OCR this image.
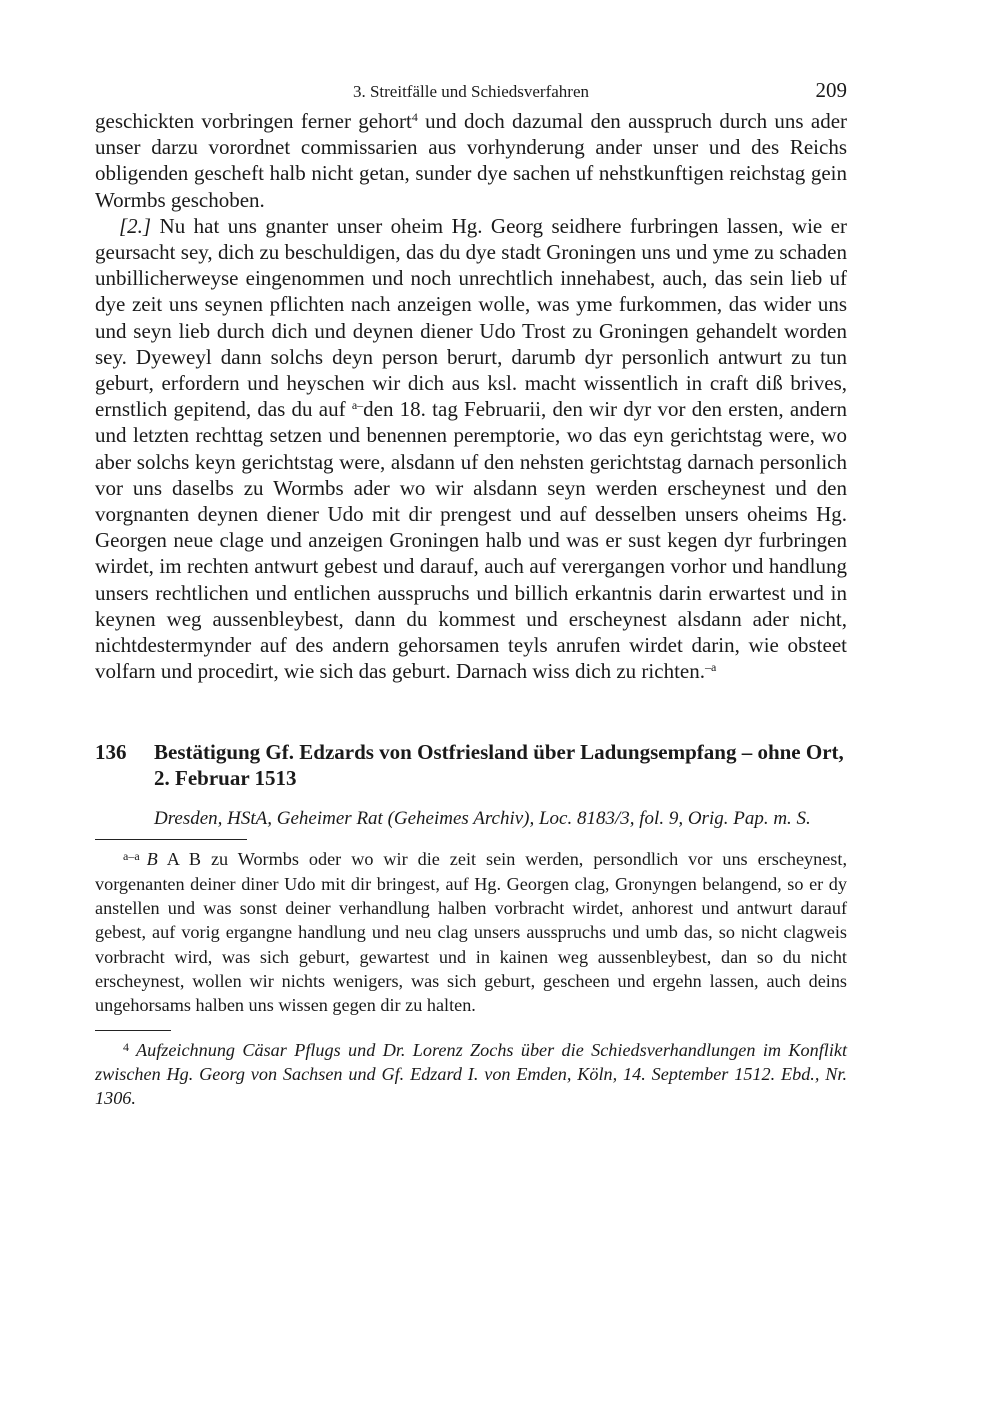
3. Streitfälle und Schiedsverfahren	209

geschickten vorbringen ferner gehort$^4$ und doch dazumal den ausspruch durch uns ader unser darzu vorordnet commissarien aus vorhynderung ander unser und des Reichs obligenden gescheft halb nicht getan, sunder dye sachen uf nehstkunftigen reichstag gein Wormbs geschoben.

[2.] Nu hat uns gnanter unser oheim Hg. Georg seidhere furbringen lassen, wie er geursacht sey, dich zu beschuldigen, das du dye stadt Groningen uns und yme zu schaden unbillicherweyse eingenommen und noch unrechtlich innehabest, auch, das sein lieb uf dye zeit uns seynen pflichten nach anzeigen wolle, was yme furkommen, das wider uns und seyn lieb durch dich und deynen diener Udo Trost zu Groningen gehandelt worden sey. Dyeweyl dann solchs deyn person berurt, darumb dyr personlich antwurt zu tun geburt, erfordern und heyschen wir dich aus ksl. macht wissentlich in craft diß brives, ernstlich gepitend, das du auf $^{a-}$den 18. tag Februarii, den wir dyr vor den ersten, andern und letzten rechttag setzen und benennen peremptorie, wo das eyn gerichtstag were, wo aber solchs keyn gerichtstag were, alsdann uf den nehsten gerichtstag darnach personlich vor uns daselbs zu Wormbs ader wo wir alsdann seyn werden erscheynest und den vorgnanten deynen diener Udo mit dir prengest und auf desselben unsers oheims Hg. Georgen neue clage und anzeigen Groningen halb und was er sust kegen dyr furbringen wirdet, im rechten antwurt gebest und darauf, auch auf verergangen vorhor und handlung unsers rechtlichen und entlichen ausspruchs und billich erkantnis darin erwartest und in keynen weg aussenbleybest, dann du kommest und erscheynest alsdann ader nicht, nichtdestermynder auf des andern gehorsamen teyls anrufen wirdet darin, wie obsteet volfarn und procedirt, wie sich das geburt. Darnach wiss dich zu richten.$^{-a}$

136	Bestätigung Gf. Edzards von Ostfriesland über Ladungsempfang – ohne Ort, 2. Februar 1513
Dresden, HStA, Geheimer Rat (Geheimes Archiv), Loc. 8183/3, fol. 9, Orig. Pap. m. S.
$^{a-a}$ B A B zu Wormbs oder wo wir die zeit sein werden, persondlich vor uns erscheynest, vorgenanten deiner diner Udo mit dir bringest, auf Hg. Georgen clag, Gronyngen belangend, so er dy anstellen und was sonst deiner verhandlung halben vorbracht wirdet, anhorest und antwurt darauf gebest, auf vorig ergangne handlung und neu clag unsers ausspruchs und umb das, so nicht clagweis vorbracht wird, was sich geburt, gewartest und in kainen weg aussenbleybest, dan so du nicht erscheynest, wollen wir nichts wenigers, was sich geburt, gescheen und ergehn lassen, auch deins ungehorsams halben uns wissen gegen dir zu halten.
$^4$ Aufzeichnung Cäsar Pflugs und Dr. Lorenz Zochs über die Schiedsverhandlungen im Konflikt zwischen Hg. Georg von Sachsen und Gf. Edzard I. von Emden, Köln, 14. September 1512. Ebd., Nr. 1306.
